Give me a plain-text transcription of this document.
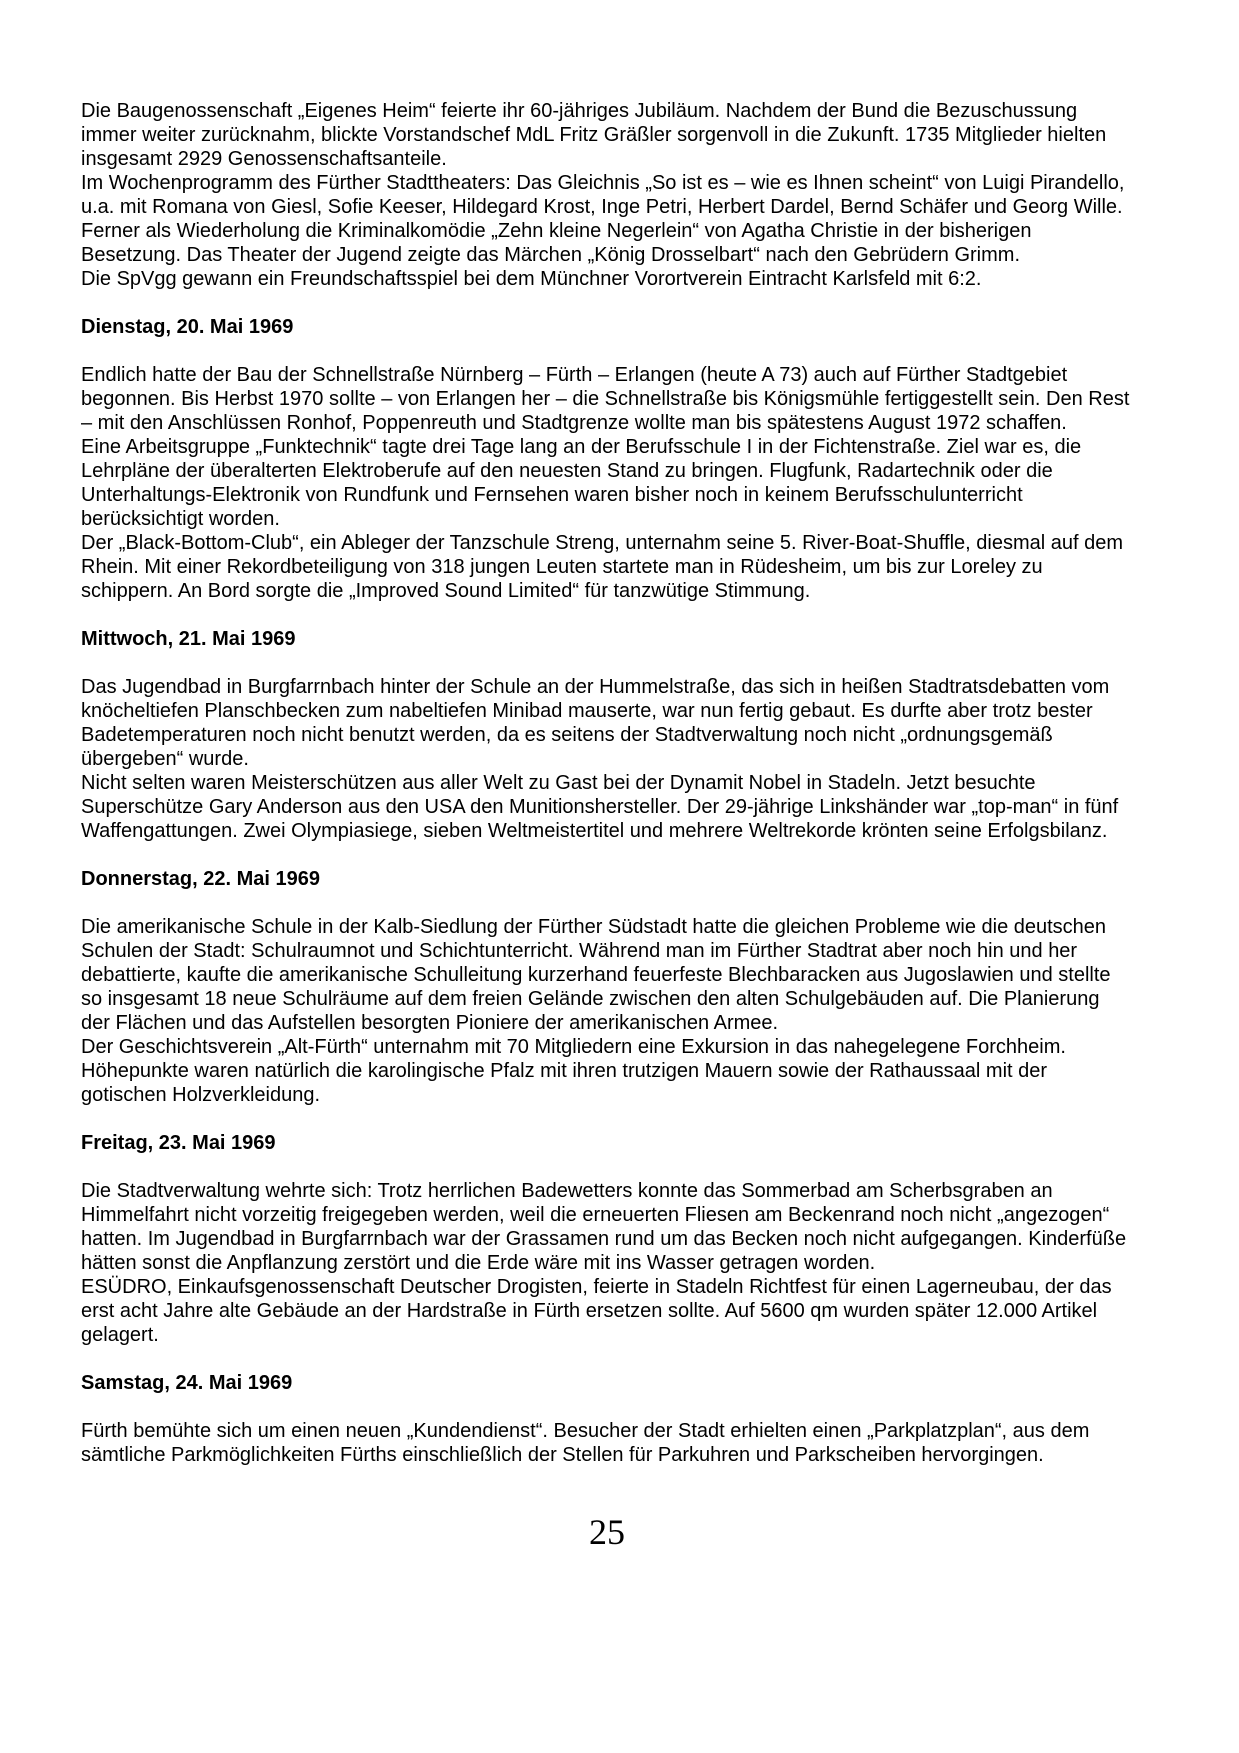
Die Baugenossenschaft „Eigenes Heim“ feierte ihr 60-jähriges Jubiläum. Nachdem der Bund die Bezuschussung immer weiter zurücknahm, blickte Vorstandschef MdL Fritz Gräßler sorgenvoll in die Zukunft. 1735 Mitglieder hielten insgesamt 2929 Genossenschaftsanteile.

Im Wochenprogramm des Fürther Stadttheaters: Das Gleichnis „So ist es – wie es Ihnen scheint“ von Luigi Pirandello, u.a. mit Romana von Giesl, Sofie Keeser, Hildegard Krost, Inge Petri, Herbert Dardel, Bernd Schäfer und Georg Wille. Ferner als Wiederholung die Kriminalkomödie „Zehn kleine Negerlein“ von Agatha Christie in der bisherigen Besetzung. Das Theater der Jugend zeigte das Märchen „König Drosselbart“ nach den Gebrüdern Grimm.

Die SpVgg gewann ein Freundschaftsspiel bei dem Münchner Vorortverein Eintracht Karlsfeld mit 6:2.

Dienstag, 20. Mai 1969

Endlich hatte der Bau der Schnellstraße Nürnberg – Fürth – Erlangen (heute A 73) auch auf Fürther Stadtgebiet begonnen. Bis Herbst 1970 sollte – von Erlangen her – die Schnellstraße bis Königsmühle fertiggestellt sein. Den Rest – mit den Anschlüssen Ronhof, Poppenreuth und Stadtgrenze wollte man bis spätestens August 1972 schaffen.

Eine Arbeitsgruppe „Funktechnik“ tagte drei Tage lang an der Berufsschule I in der Fichtenstraße. Ziel war es, die Lehrpläne der überalterten Elektroberufe auf den neuesten Stand zu bringen. Flugfunk, Radartechnik oder die Unterhaltungs-Elektronik von Rundfunk und Fernsehen waren bisher noch in keinem Berufsschulunterricht berücksichtigt worden.

Der „Black-Bottom-Club“, ein Ableger der Tanzschule Streng, unternahm seine 5. River-Boat-Shuffle, diesmal auf dem Rhein. Mit einer Rekordbeteiligung von 318 jungen Leuten startete man in Rüdesheim, um bis zur Loreley zu schippern. An Bord sorgte die „Improved Sound Limited“ für tanzwütige Stimmung.

Mittwoch, 21. Mai 1969

Das Jugendbad in Burgfarrnbach hinter der Schule an der Hummelstraße, das sich in heißen Stadtratsdebatten vom knöcheltiefen Planschbecken zum nabeltiefen Minibad mauserte, war nun fertig gebaut. Es durfte aber trotz bester Badetemperaturen noch nicht benutzt werden, da es seitens der Stadtverwaltung noch nicht „ordnungsgemäß übergeben“ wurde.

Nicht selten waren Meisterschützen aus aller Welt zu Gast bei der Dynamit Nobel in Stadeln. Jetzt besuchte Superschütze Gary Anderson aus den USA den Munitionshersteller. Der 29-jährige Linkshänder war „top-man“ in fünf Waffengattungen. Zwei Olympiasiege, sieben Weltmeistertitel und mehrere Weltrekorde krönten seine Erfolgsbilanz.

Donnerstag, 22. Mai 1969

Die amerikanische Schule in der Kalb-Siedlung der Fürther Südstadt hatte die gleichen Probleme wie die deutschen Schulen der Stadt: Schulraumnot und Schichtunterricht. Während man im Fürther Stadtrat aber noch hin und her debattierte, kaufte die amerikanische Schulleitung kurzerhand feuerfeste Blechbaracken aus Jugoslawien und stellte so insgesamt 18 neue Schulräume auf dem freien Gelände zwischen den alten Schulgebäuden auf. Die Planierung der Flächen und das Aufstellen besorgten Pioniere der amerikanischen Armee.

Der Geschichtsverein „Alt-Fürth“ unternahm mit 70 Mitgliedern eine Exkursion in das nahegelegene Forchheim. Höhepunkte waren natürlich die karolingische Pfalz mit ihren trutzigen Mauern sowie der Rathaussaal mit der gotischen Holzverkleidung.

Freitag, 23. Mai 1969

Die Stadtverwaltung wehrte sich: Trotz herrlichen Badewetters konnte das Sommerbad am Scherbsgraben an Himmelfahrt nicht vorzeitig freigegeben werden, weil die erneuerten Fliesen am Beckenrand noch nicht „angezogen“ hatten. Im Jugendbad in Burgfarrnbach war der Grassamen rund um das Becken noch nicht aufgegangen. Kinderfüße hätten sonst die Anpflanzung zerstört und die Erde wäre mit ins Wasser getragen worden.

ESÜDRO, Einkaufsgenossenschaft Deutscher Drogisten, feierte in Stadeln Richtfest für einen Lagerneubau, der das erst acht Jahre alte Gebäude an der Hardstraße in Fürth ersetzen sollte. Auf 5600 qm wurden später 12.000 Artikel gelagert.

Samstag, 24. Mai 1969

Fürth bemühte sich um einen neuen „Kundendienst“. Besucher der Stadt erhielten einen „Parkplatzplan“, aus dem sämtliche Parkmöglichkeiten Fürths einschließlich der Stellen für Parkuhren und Parkscheiben hervorgingen.

25
